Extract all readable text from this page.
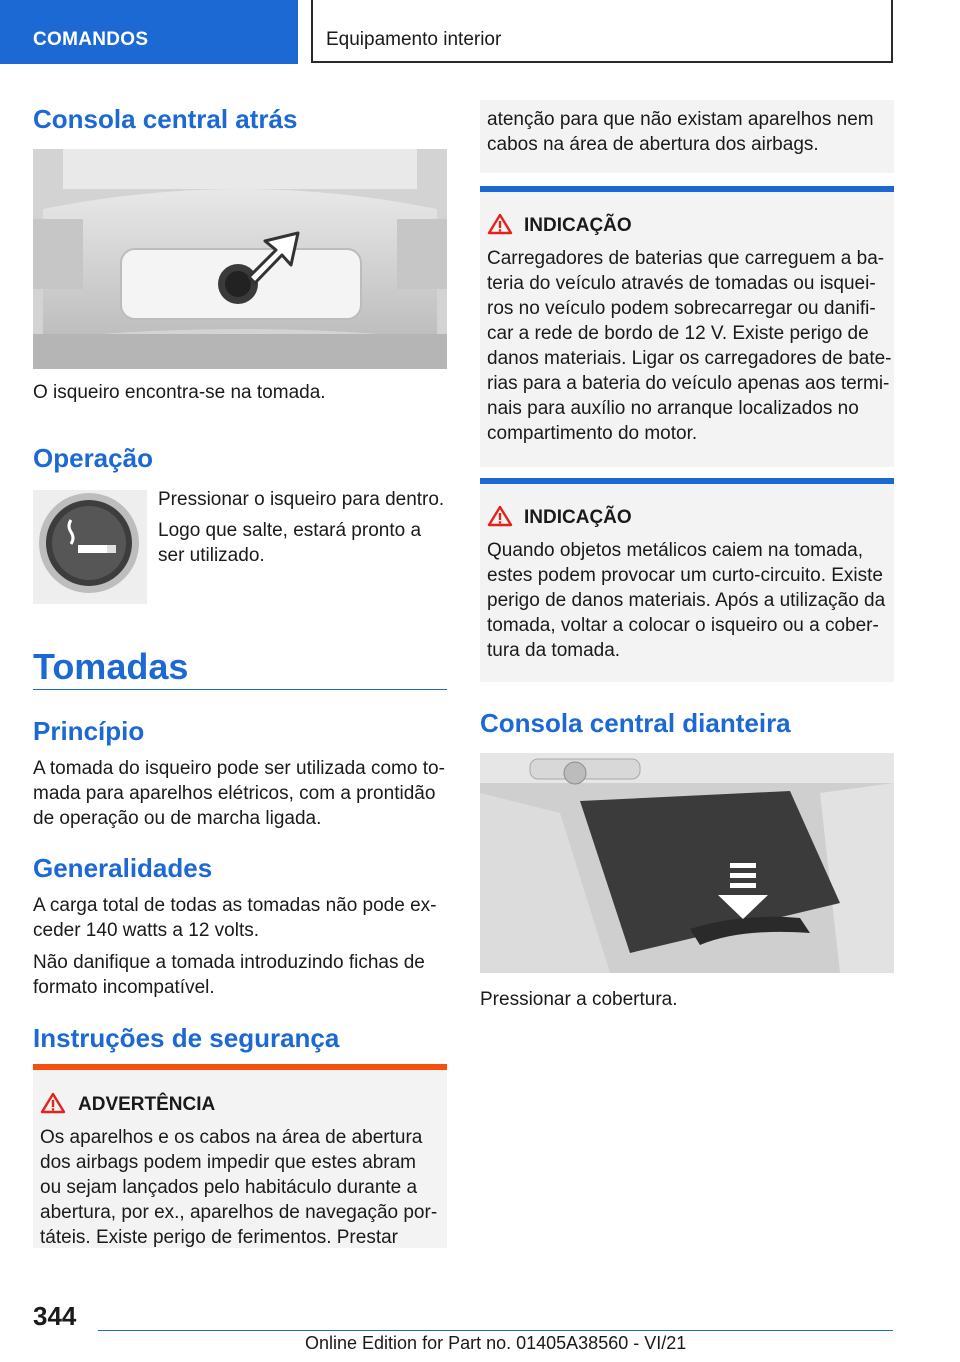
COMANDOS	Equipamento interior
Consola central atrás

O isqueiro encontra-se na tomada.

Operação

Pressionar o isqueiro para dentro.

Logo que salte, estará pronto a

ser utilizado.

Tomadas
Princípio

A tomada do isqueiro pode ser utilizada como to-

mada para aparelhos elétricos, com a prontidão

de operação ou de marcha ligada.

Generalidades

A carga total de todas as tomadas não pode ex-

ceder 140 watts a 12 volts.

Não danifique a tomada introduzindo fichas de

formato incompatível.

Instruções de segurança
ADVERTÊNCIA

Os aparelhos e os cabos na área de abertura

dos airbags podem impedir que estes abram

ou sejam lançados pelo habitáculo durante a

abertura, por ex., aparelhos de navegação por-

táteis. Existe perigo de ferimentos. Prestar

atenção para que não existam aparelhos nem

cabos na área de abertura dos airbags.

INDICAÇÃO

Carregadores de baterias que carreguem a ba-

teria do veículo através de tomadas ou isquei-

ros no veículo podem sobrecarregar ou danifi-

car a rede de bordo de 12 V. Existe perigo de

danos materiais. Ligar os carregadores de bate-

rias para a bateria do veículo apenas aos termi-

nais para auxílio no arranque localizados no

compartimento do motor.

INDICAÇÃO

Quando objetos metálicos caiem na tomada,

estes podem provocar um curto-circuito. Existe

perigo de danos materiais. Após a utilização da

tomada, voltar a colocar o isqueiro ou a cober-

tura da tomada.

Consola central dianteira

Pressionar a cobertura.

344
Online Edition for Part no. 01405A38560 - VI/21
